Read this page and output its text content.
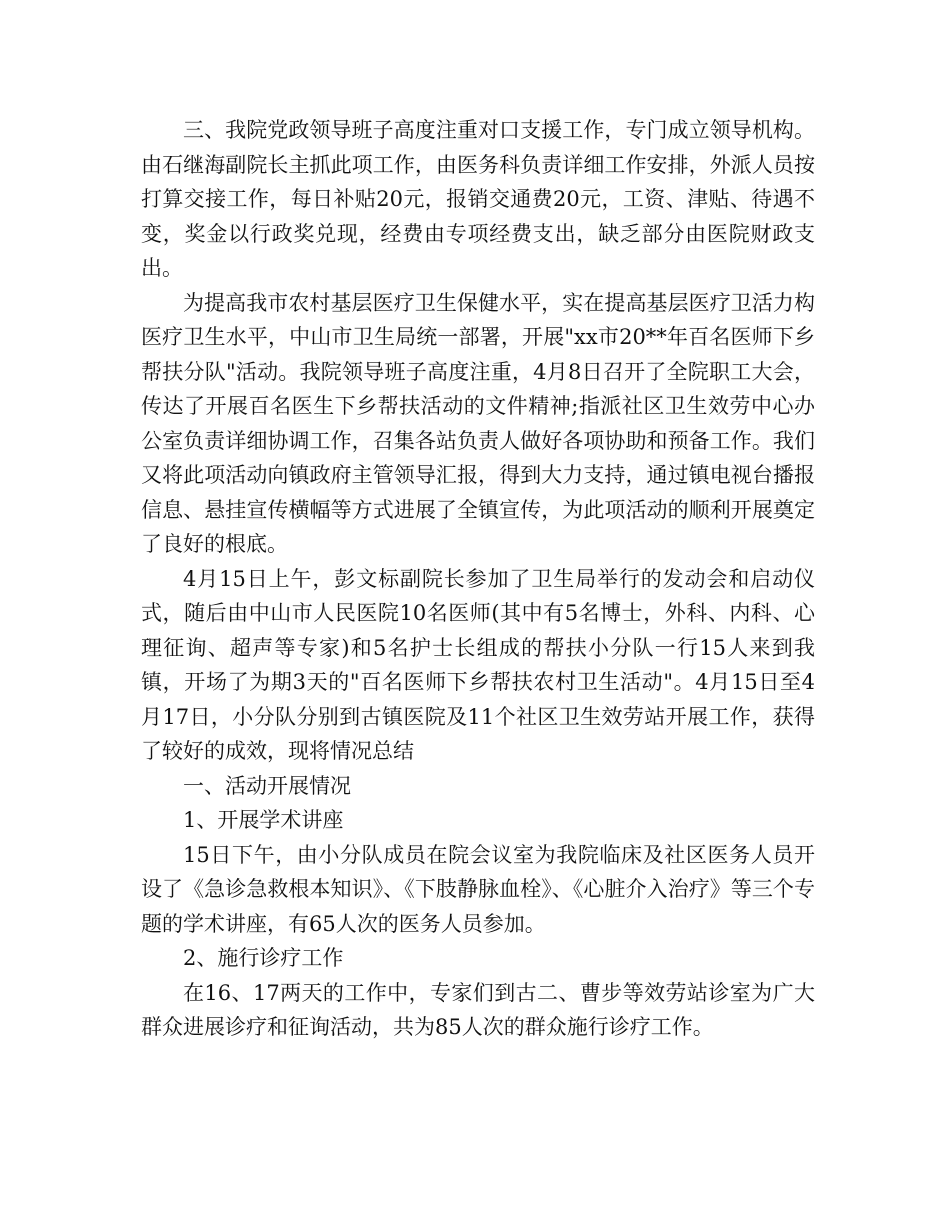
三、我院党政领导班子高度注重对口支援工作，专门成立领导机构。由石继海副院长主抓此项工作，由医务科负责详细工作安排，外派人员按打算交接工作，每日补贴20元，报销交通费20元，工资、津贴、待遇不变，奖金以行政奖兑现，经费由专项经费支出，缺乏部分由医院财政支出。

为提高我市农村基层医疗卫生保健水平，实在提高基层医疗卫活力构医疗卫生水平，中山市卫生局统一部署，开展"xx市20**年百名医师下乡帮扶分队"活动。我院领导班子高度注重，4月8日召开了全院职工大会，传达了开展百名医生下乡帮扶活动的文件精神;指派社区卫生效劳中心办公室负责详细协调工作，召集各站负责人做好各项协助和预备工作。我们又将此项活动向镇政府主管领导汇报，得到大力支持，通过镇电视台播报信息、悬挂宣传横幅等方式进展了全镇宣传，为此项活动的顺利开展奠定了良好的根底。

4月15日上午，彭文标副院长参加了卫生局举行的发动会和启动仪式，随后由中山市人民医院10名医师(其中有5名博士，外科、内科、心理征询、超声等专家)和5名护士长组成的帮扶小分队一行15人来到我镇，开场了为期3天的"百名医师下乡帮扶农村卫生活动"。4月15日至4月17日，小分队分别到古镇医院及11个社区卫生效劳站开展工作，获得了较好的成效，现将情况总结

一、活动开展情况

1、开展学术讲座

15日下午，由小分队成员在院会议室为我院临床及社区医务人员开设了《急诊急救根本知识》、《下肢静脉血栓》、《心脏介入治疗》等三个专题的学术讲座，有65人次的医务人员参加。

2、施行诊疗工作

在16、17两天的工作中，专家们到古二、曹步等效劳站诊室为广大群众进展诊疗和征询活动，共为85人次的群众施行诊疗工作。
